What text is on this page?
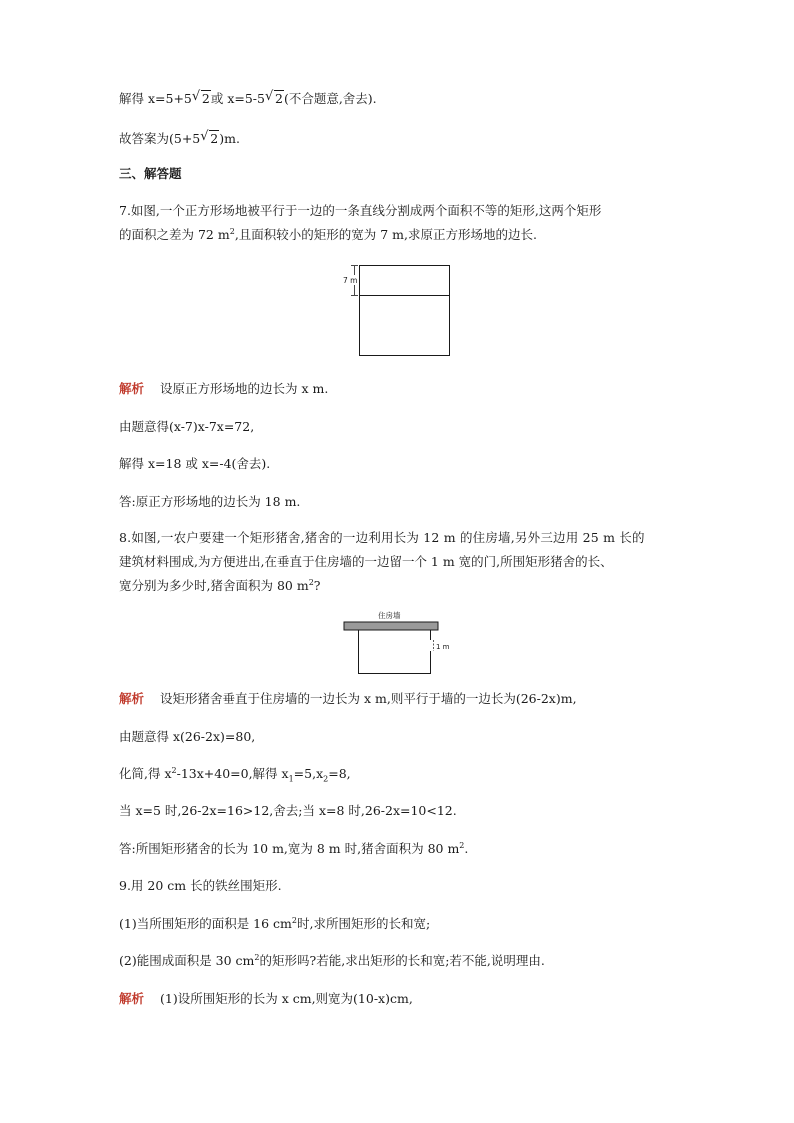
解得 x=5+5 √ 2或 x=5-5 √ 2(不合题意,舍去).
故答案为(5+5 √ 2)m.
三、解答题
7.如图,一个正方形场地被平行于一边的一条直线分割成两个面积不等的矩形,这两个矩形
的面积之差为 72 $m^2$,且面积较小的矩形的宽为 7 m,求原正方形场地的边长.
7 m
解析 设原正方形场地的边长为 x m.
由题意得(x-7)x-7x=72,
解得 x=18 或 x=-4(舍去).
答:原正方形场地的边长为 18 m.
8.如图,一农户要建一个矩形猪舍,猪舍的一边利用长为 12 m 的住房墙,另外三边用 25 m 长的
建筑材料围成,为方便进出,在垂直于住房墙的一边留一个 1 m 宽的门,所围矩形猪舍的长、
宽分别为多少时,猪舍面积为 80 $m^2$?
住房墙
1 m
解析 设矩形猪舍垂直于住房墙的一边长为 x m,则平行于墙的一边长为(26-2x)m,
由题意得 x(26-2x)=80,
化简,得 $x^2-13x+40=0$,解得 $x_1=5,x_2=8$,
当 x=5 时,26-2x=16>12,舍去;当 x=8 时,26-2x=10<12.
答:所围矩形猪舍的长为 10 m,宽为 8 m 时,猪舍面积为 80 $m^2$.
9.用 20 cm 长的铁丝围矩形.
(1)当所围矩形的面积是 16 $cm^2$时,求所围矩形的长和宽;
(2)能围成面积是 30 $cm^2$的矩形吗?若能,求出矩形的长和宽;若不能,说明理由.
解析 (1)设所围矩形的长为 x cm,则宽为(10-x)cm,
